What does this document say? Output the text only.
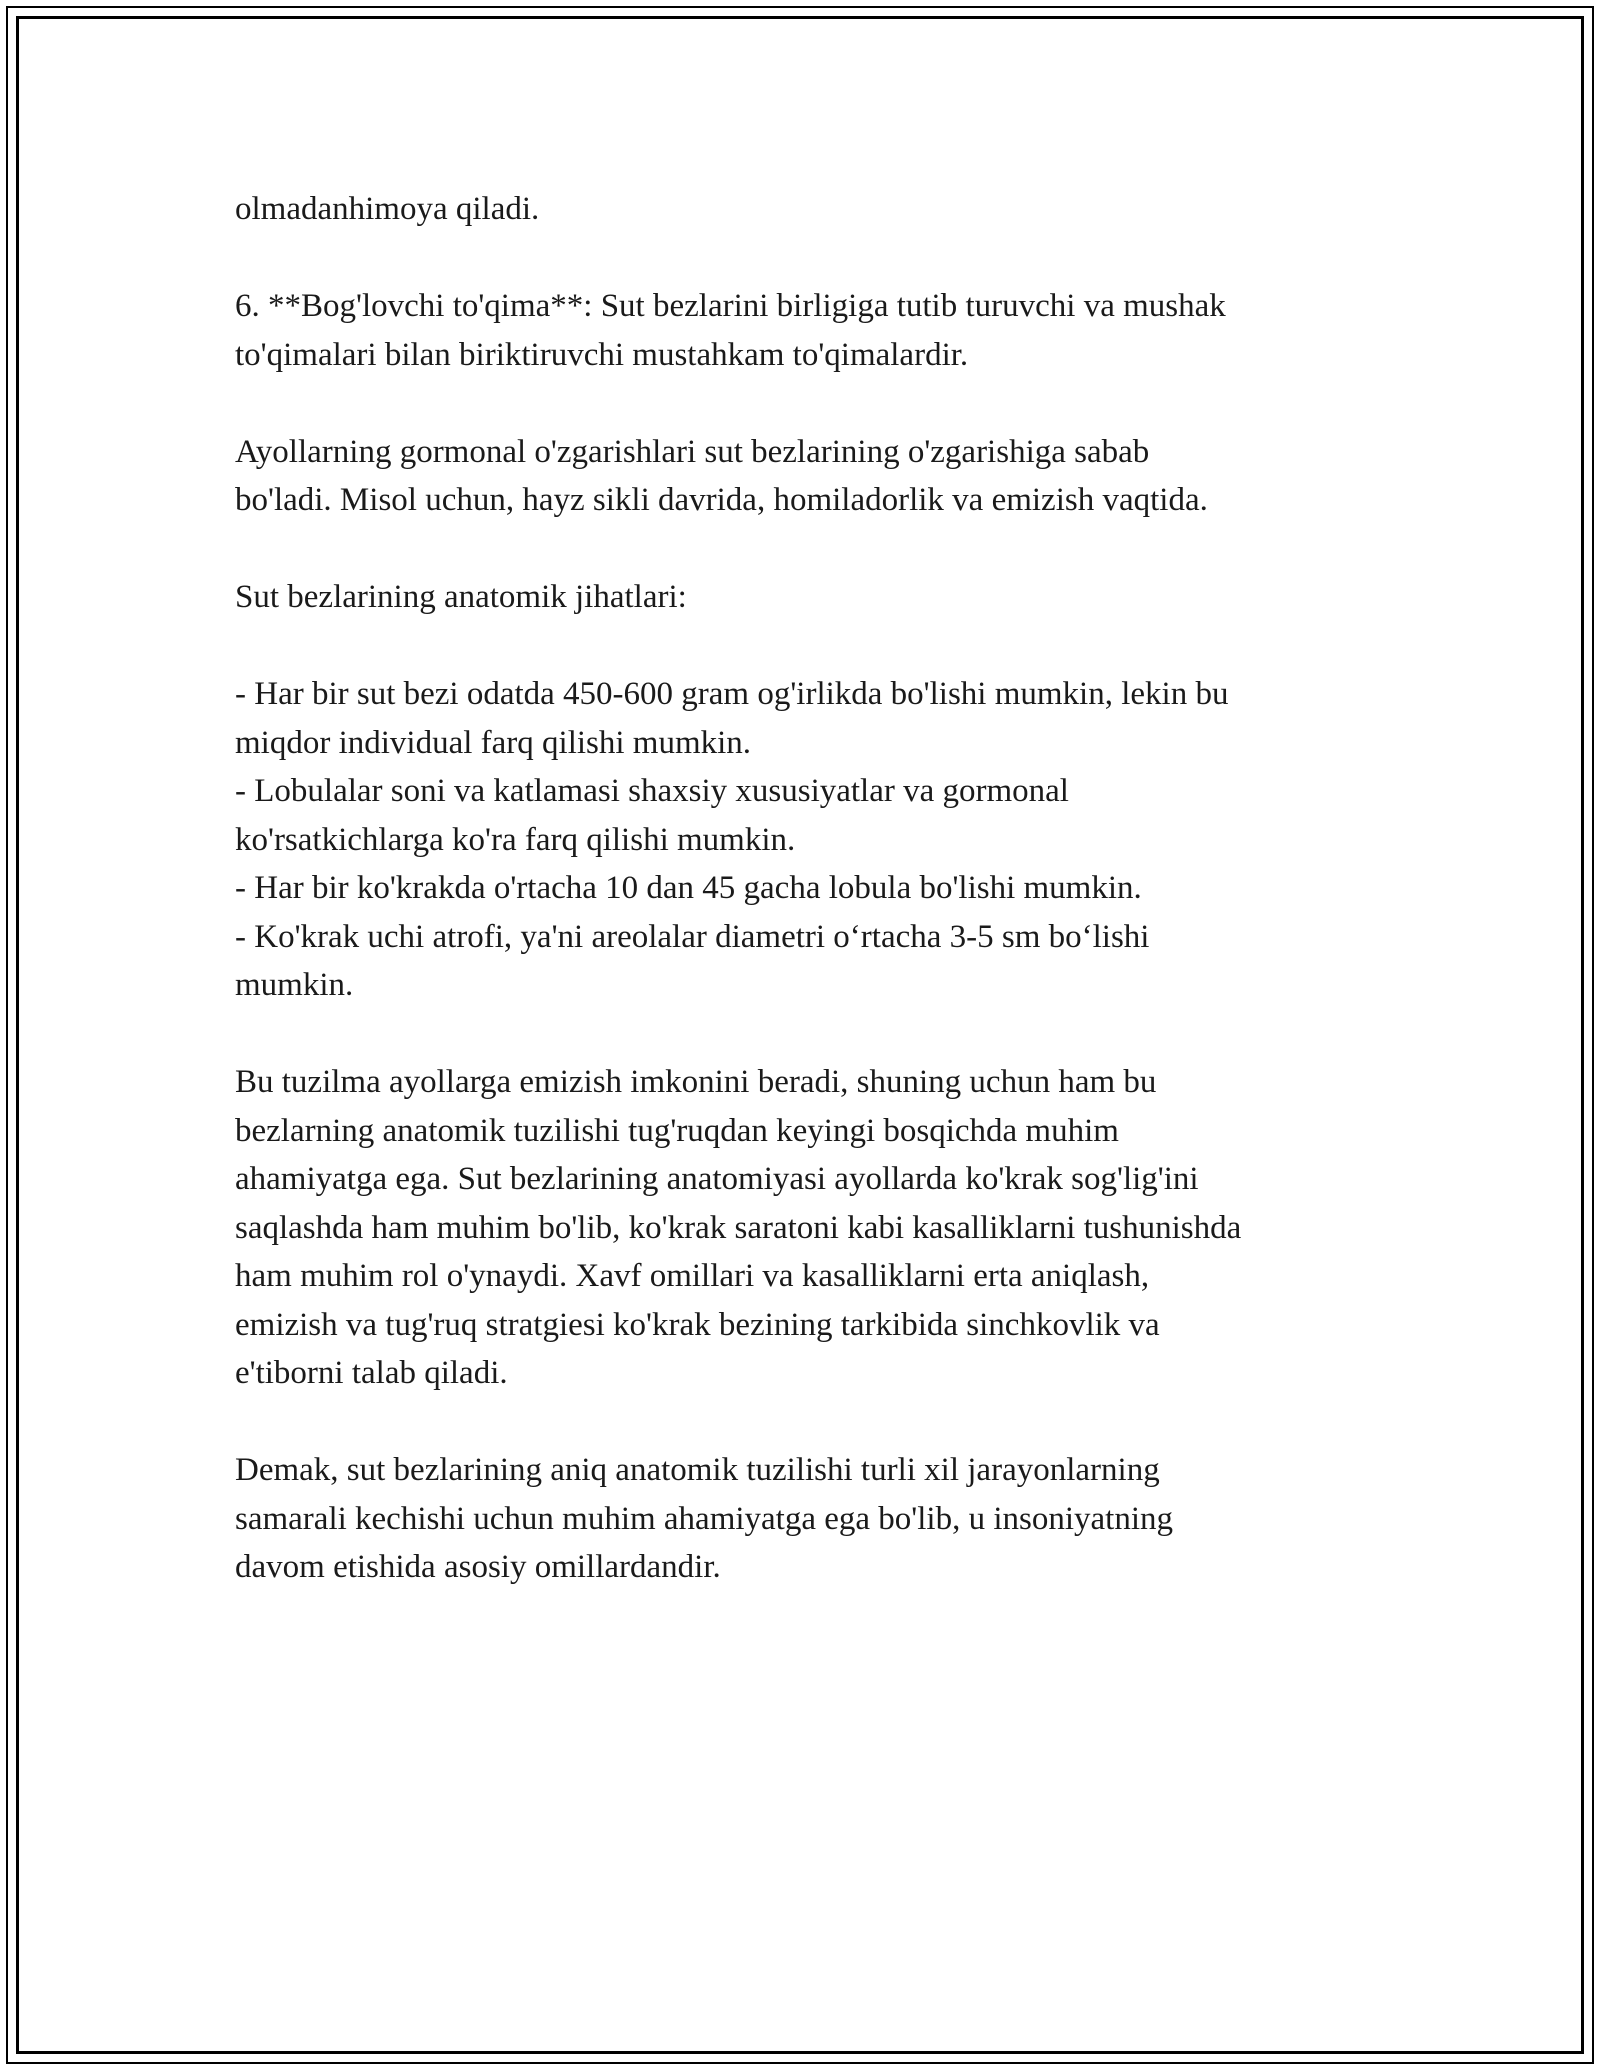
olmadanhimoya qiladi.

6. **Bog'lovchi to'qima**: Sut bezlarini birligiga tutib turuvchi va mushak
to'qimalari bilan biriktiruvchi mustahkam to'qimalardir.

Ayollarning gormonal o'zgarishlari sut bezlarining o'zgarishiga sabab
bo'ladi. Misol uchun, hayz sikli davrida, homiladorlik va emizish vaqtida.

Sut bezlarining anatomik jihatlari:

- Har bir sut bezi odatda 450-600 gram og'irlikda bo'lishi mumkin, lekin bu
miqdor individual farq qilishi mumkin.
- Lobulalar soni va katlamasi shaxsiy xususiyatlar va gormonal
ko'rsatkichlarga ko'ra farq qilishi mumkin.
- Har bir ko'krakda o'rtacha 10 dan 45 gacha lobula bo'lishi mumkin.
- Ko'krak uchi atrofi, ya'ni areolalar diametri o‘rtacha 3-5 sm bo‘lishi
mumkin.

Bu tuzilma ayollarga emizish imkonini beradi, shuning uchun ham bu
bezlarning anatomik tuzilishi tug'ruqdan keyingi bosqichda muhim
ahamiyatga ega. Sut bezlarining anatomiyasi ayollarda ko'krak sog'lig'ini
saqlashda ham muhim bo'lib, ko'krak saratoni kabi kasalliklarni tushunishda
ham muhim rol o'ynaydi. Xavf omillari va kasalliklarni erta aniqlash,
emizish va tug'ruq stratgiesi ko'krak bezining tarkibida sinchkovlik va
e'tiborni talab qiladi.

Demak, sut bezlarining aniq anatomik tuzilishi turli xil jarayonlarning
samarali kechishi uchun muhim ahamiyatga ega bo'lib, u insoniyatning
davom etishida asosiy omillardandir.
